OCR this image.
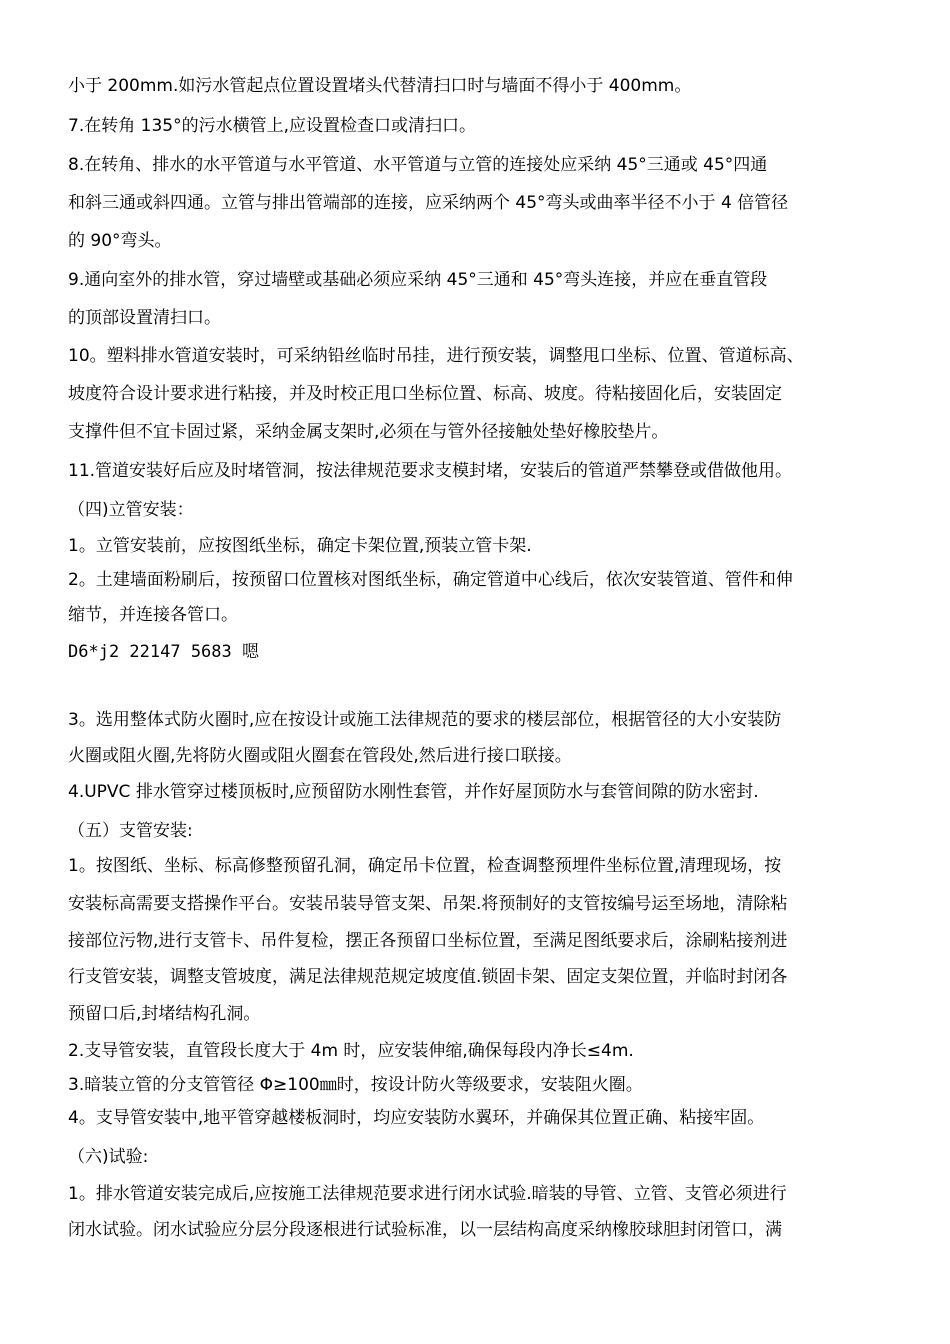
小于 200mm.如污水管起点位置设置堵头代替清扫口时与墙面不得小于 400mm。
7.在转角 135°的污水横管上,应设置检查口或清扫口。
8.在转角、排水的水平管道与水平管道、水平管道与立管的连接处应采纳 45°三通或 45°四通
和斜三通或斜四通。立管与排出管端部的连接，应采纳两个 45°弯头或曲率半径不小于 4 倍管径
的 90°弯头。
9.通向室外的排水管，穿过墙壁或基础必须应采纳 45°三通和 45°弯头连接，并应在垂直管段
的顶部设置清扫口。
10。塑料排水管道安装时，可采纳铅丝临时吊挂，进行预安装，调整甩口坐标、位置、管道标高、
坡度符合设计要求进行粘接，并及时校正甩口坐标位置、标高、坡度。待粘接固化后，安装固定
支撑件但不宜卡固过紧，采纳金属支架时,必须在与管外径接触处垫好橡胶垫片。
11.管道安装好后应及时堵管洞，按法律规范要求支模封堵，安装后的管道严禁攀登或借做他用。
（四)立管安装：
1。立管安装前，应按图纸坐标，确定卡架位置,预装立管卡架.
2。土建墙面粉刷后，按预留口位置核对图纸坐标，确定管道中心线后，依次安装管道、管件和伸
缩节，并连接各管口。
D6*j2 22147 5683 嗯
3。选用整体式防火圈时,应在按设计或施工法律规范的要求的楼层部位，根据管径的大小安装防
火圈或阻火圈,先将防火圈或阻火圈套在管段处,然后进行接口联接。
4.UPVC 排水管穿过楼顶板时,应预留防水刚性套管，并作好屋顶防水与套管间隙的防水密封.
（五）支管安装:
1。按图纸、坐标、标高修整预留孔洞，确定吊卡位置，检查调整预埋件坐标位置,清理现场，按
安装标高需要支搭操作平台。安装吊装导管支架、吊架.将预制好的支管按编号运至场地，清除粘
接部位污物,进行支管卡、吊件复检，摆正各预留口坐标位置，至满足图纸要求后，涂刷粘接剂进
行支管安装，调整支管坡度，满足法律规范规定坡度值.锁固卡架、固定支架位置，并临时封闭各
预留口后,封堵结构孔洞。
2.支导管安装，直管段长度大于 4m 时，应安装伸缩,确保每段内净长≤4m.
3.暗装立管的分支管管径 Φ≥100㎜时，按设计防火等级要求，安装阻火圈。
4。支导管安装中,地平管穿越楼板洞时，均应安装防水翼环，并确保其位置正确、粘接牢固。
（六)试验:
1。排水管道安装完成后,应按施工法律规范要求进行闭水试验.暗装的导管、立管、支管必须进行
闭水试验。闭水试验应分层分段逐根进行试验标准，以一层结构高度采纳橡胶球胆封闭管口，满
